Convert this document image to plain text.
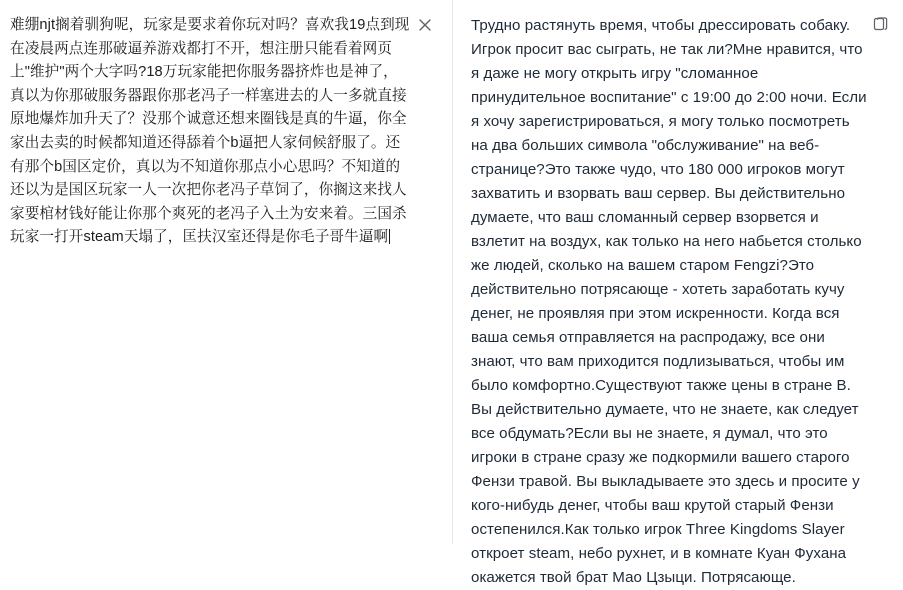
难绷njt搁着驯狗呢，玩家是要求着你玩对吗？喜欢我19点到现在凌晨两点连那破逼养游戏都打不开，想注册只能看着网页上"维护"两个大字吗?18万玩家能把你服务器挤炸也是神了，真以为你那破服务器跟你那老冯子一样塞进去的人一多就直接原地爆炸加升天了？没那个诚意还想来圈钱是真的牛逼，你全家出去卖的时候都知道还得舔着个b逼把人家伺候舒服了。还有那个b国区定价，真以为不知道你那点小心思吗？不知道的还以为是国区玩家一人一次把你老冯子草饲了，你搁这来找人家要棺材钱好能让你那个爽死的老冯子入土为安来着。三国杀玩家一打开steam天塌了，匡扶汉室还得是你毛子哥牛逼啊
Трудно растянуть время, чтобы дрессировать собаку. Игрок просит вас сыграть, не так ли?Мне нравится, что я даже не могу открыть игру "сломанное принудительное воспитание" с 19:00 до 2:00 ночи. Если я хочу зарегистрироваться, я могу только посмотреть на два больших символа "обслуживание" на веб-странице?Это также чудо, что 180 000 игроков могут захватить и взорвать ваш сервер. Вы действительно думаете, что ваш сломанный сервер взорвется и взлетит на воздух, как только на него набьется столько же людей, сколько на вашем старом Fengzi?Это действительно потрясающе - хотеть заработать кучу денег, не проявляя при этом искренности. Когда вся ваша семья отправляется на распродажу, все они знают, что вам приходится подлизываться, чтобы им было комфортно.Существуют также цены в стране В. Вы действительно думаете, что не знаете, как следует все обдумать?Если вы не знаете, я думал, что это игроки в стране сразу же подкормили вашего старого Фензи травой. Вы выкладываете это здесь и просите у кого-нибудь денег, чтобы ваш крутой старый Фензи остепенился.Как только игрок Three Kingdoms Slayer откроет steam, небо рухнет, и в комнате Куан Фухана окажется твой брат Мао Цзыци. Потрясающе.
